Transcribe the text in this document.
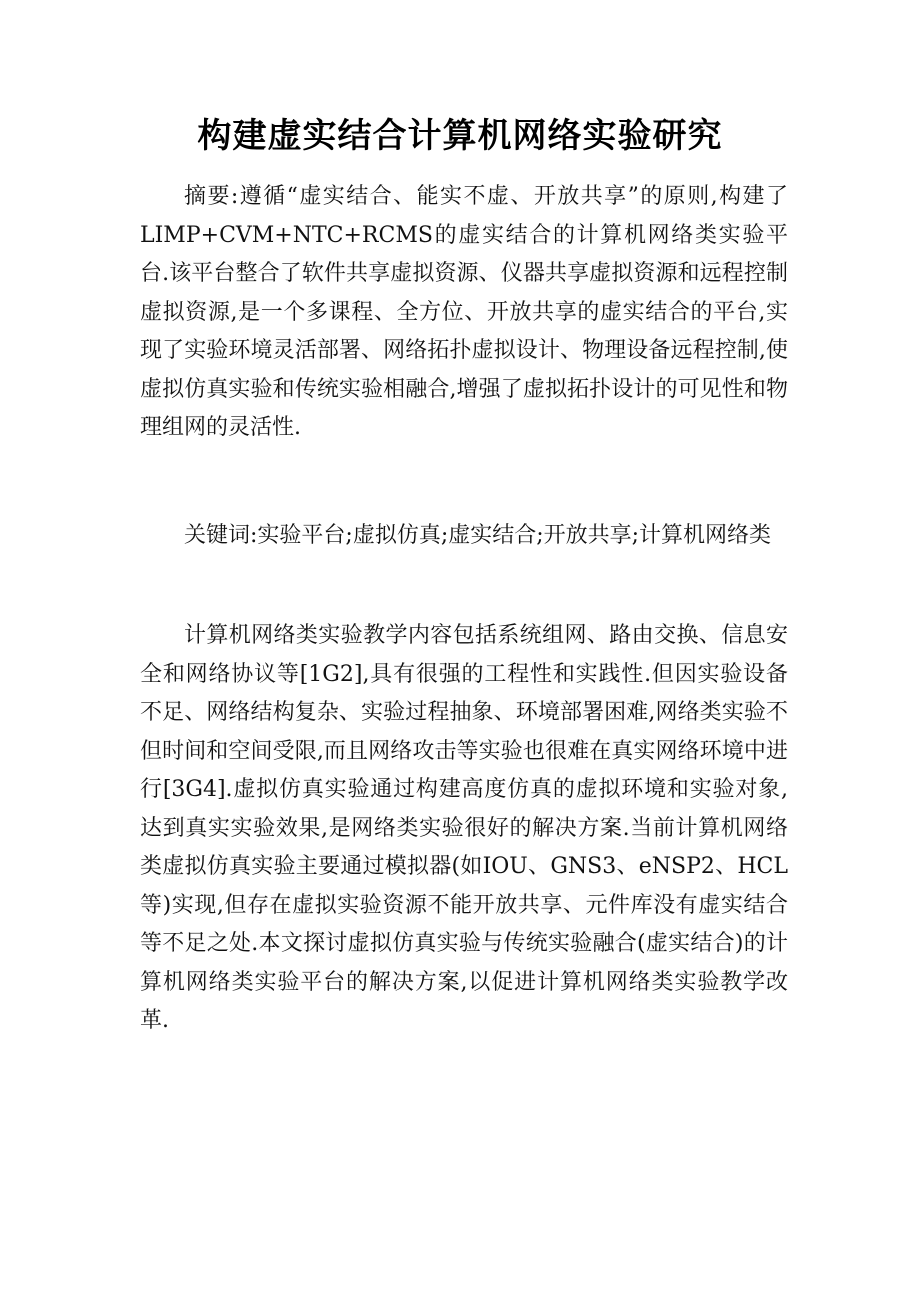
构建虚实结合计算机网络实验研究

摘要:遵循“虚实结合、能实不虚、开放共享”的原则,构建了LIMP+CVM+NTC+RCMS的虚实结合的计算机网络类实验平台.该平台整合了软件共享虚拟资源、仪器共享虚拟资源和远程控制虚拟资源,是一个多课程、全方位、开放共享的虚实结合的平台,实现了实验环境灵活部署、网络拓扑虚拟设计、物理设备远程控制,使虚拟仿真实验和传统实验相融合,增强了虚拟拓扑设计的可见性和物理组网的灵活性.

关键词:实验平台;虚拟仿真;虚实结合;开放共享;计算机网络类

计算机网络类实验教学内容包括系统组网、路由交换、信息安全和网络协议等[1G2],具有很强的工程性和实践性.但因实验设备不足、网络结构复杂、实验过程抽象、环境部署困难,网络类实验不但时间和空间受限,而且网络攻击等实验也很难在真实网络环境中进行[3G4].虚拟仿真实验通过构建高度仿真的虚拟环境和实验对象,达到真实实验效果,是网络类实验很好的解决方案.当前计算机网络类虚拟仿真实验主要通过模拟器(如IOU、GNS3、eNSP2、HCL等)实现,但存在虚拟实验资源不能开放共享、元件库没有虚实结合等不足之处.本文探讨虚拟仿真实验与传统实验融合(虚实结合)的计算机网络类实验平台的解决方案,以促进计算机网络类实验教学改革.
